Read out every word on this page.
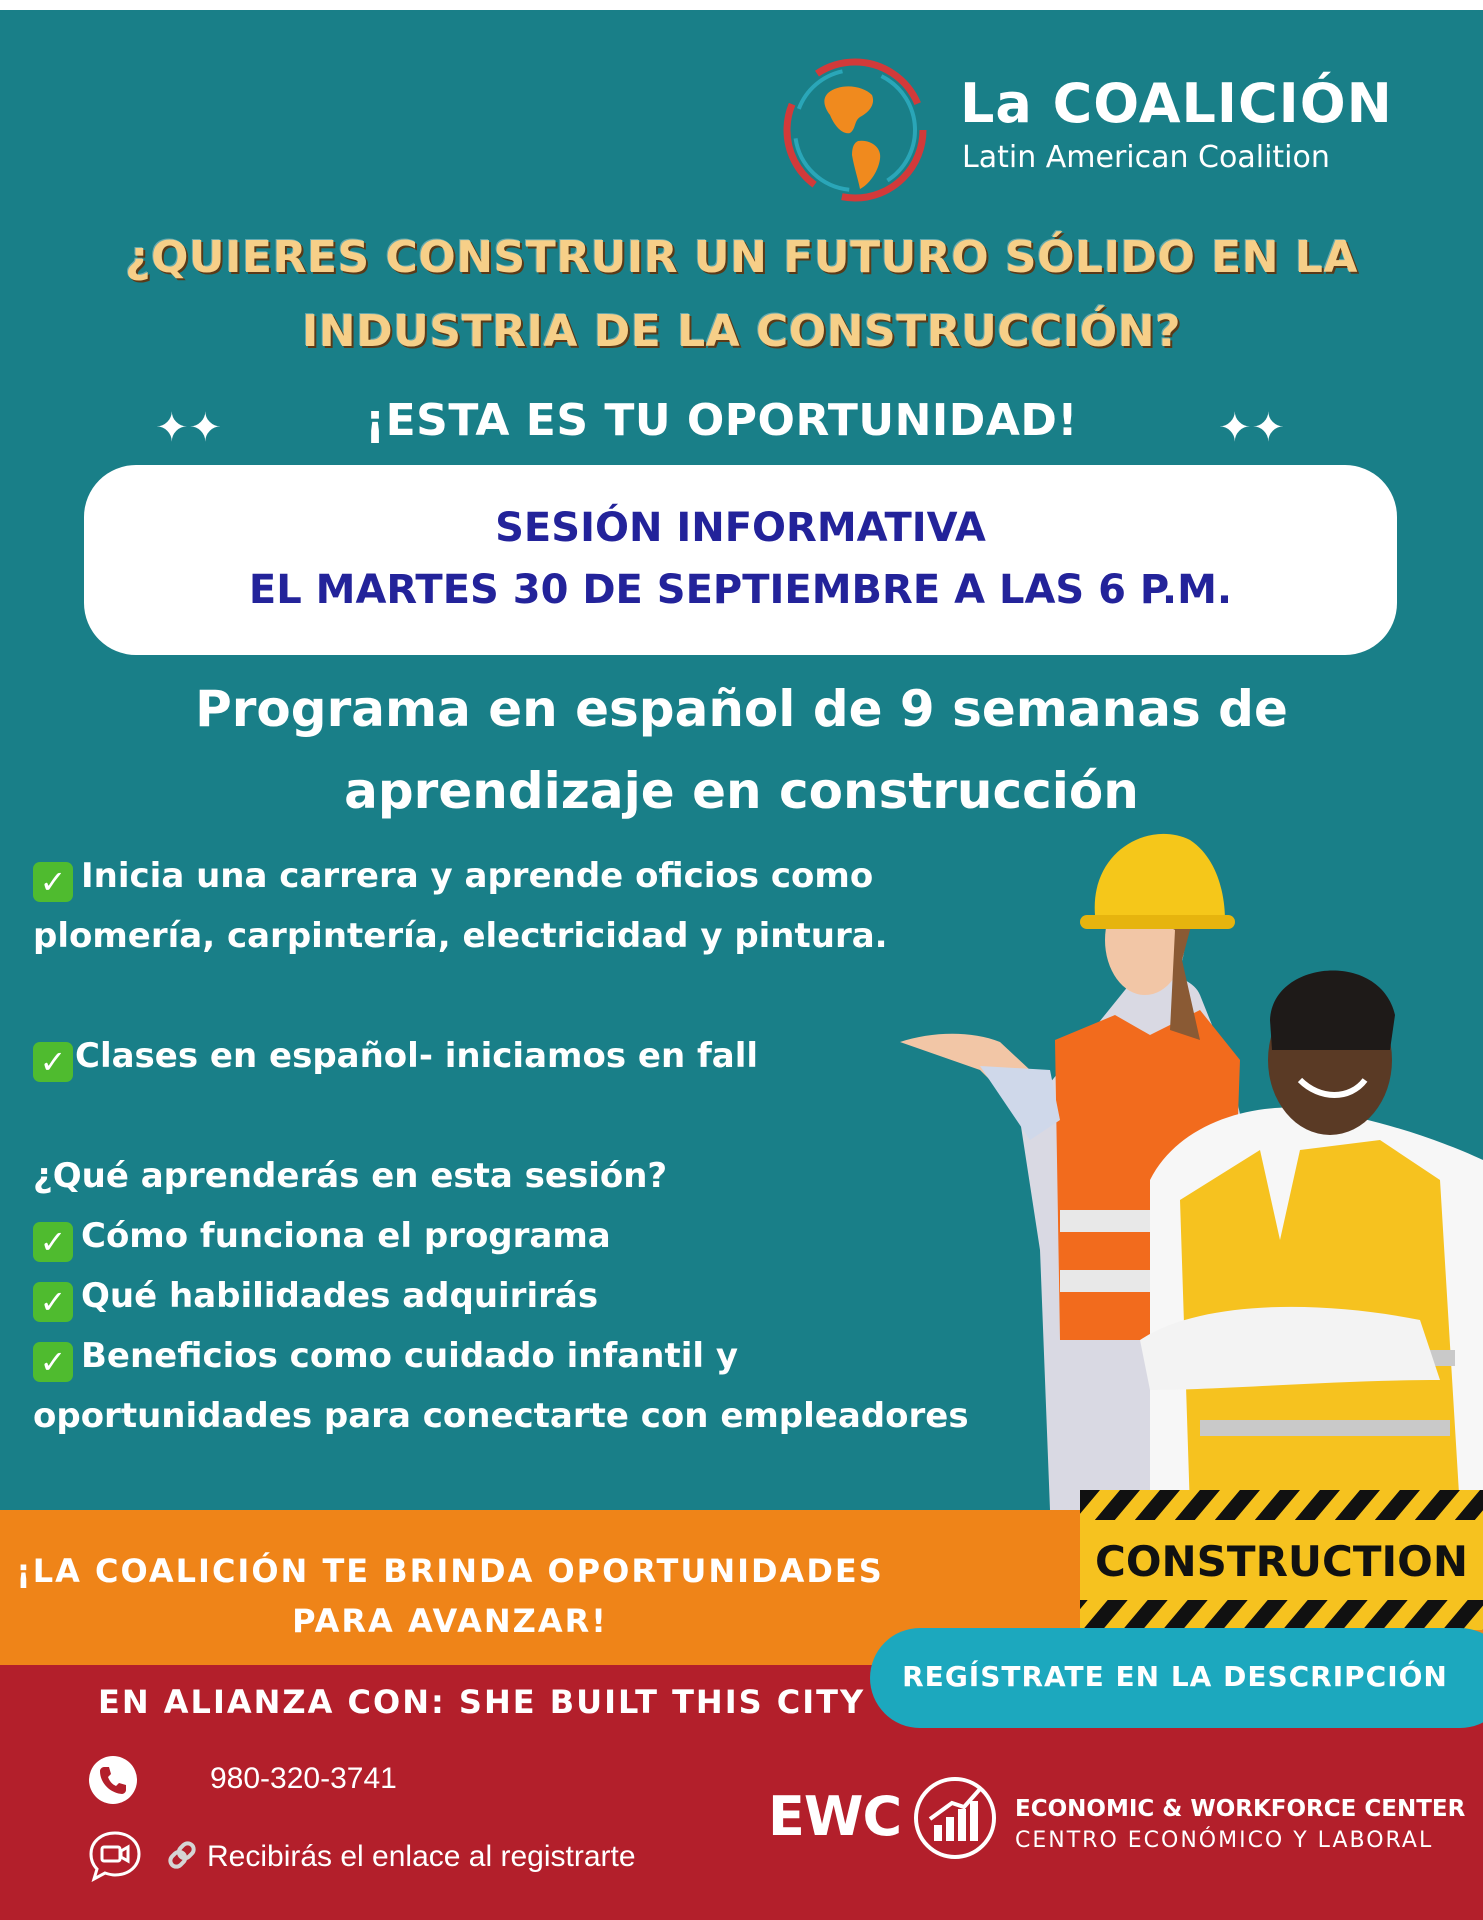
La COALICIÓN
Latin American Coalition
¿QUIERES CONSTRUIR UN FUTURO SÓLIDO EN LA
INDUSTRIA DE LA CONSTRUCCIÓN?
¡ESTA ES TU OPORTUNIDAD!
✦✦	✦✦
SESIÓN INFORMATIVA
EL MARTES 30 DE SEPTIEMBRE A LAS 6 P.M.
Programa en español de 9 semanas de
aprendizaje en construcción
✓ Inicia una carrera y aprende oficios como
plomería, carpintería, electricidad y pintura.
✓ Clases en español- iniciamos en fall
¿Qué aprenderás en esta sesión?
✓ Cómo funciona el programa
✓ Qué habilidades adquirirás
✓ Beneficios como cuidado infantil y
oportunidades para conectarte con empleadores
¡LA COALICIÓN TE BRINDA OPORTUNIDADES
PARA AVANZAR!
CONSTRUCTION
REGÍSTRATE EN LA DESCRIPCIÓN
EN ALIANZA CON: SHE BUILT THIS CITY
980-320-3741
Recibirás el enlace al registrarte
EWC	ECONOMIC & WORKFORCE CENTER
CENTRO ECONÓMICO Y LABORAL
